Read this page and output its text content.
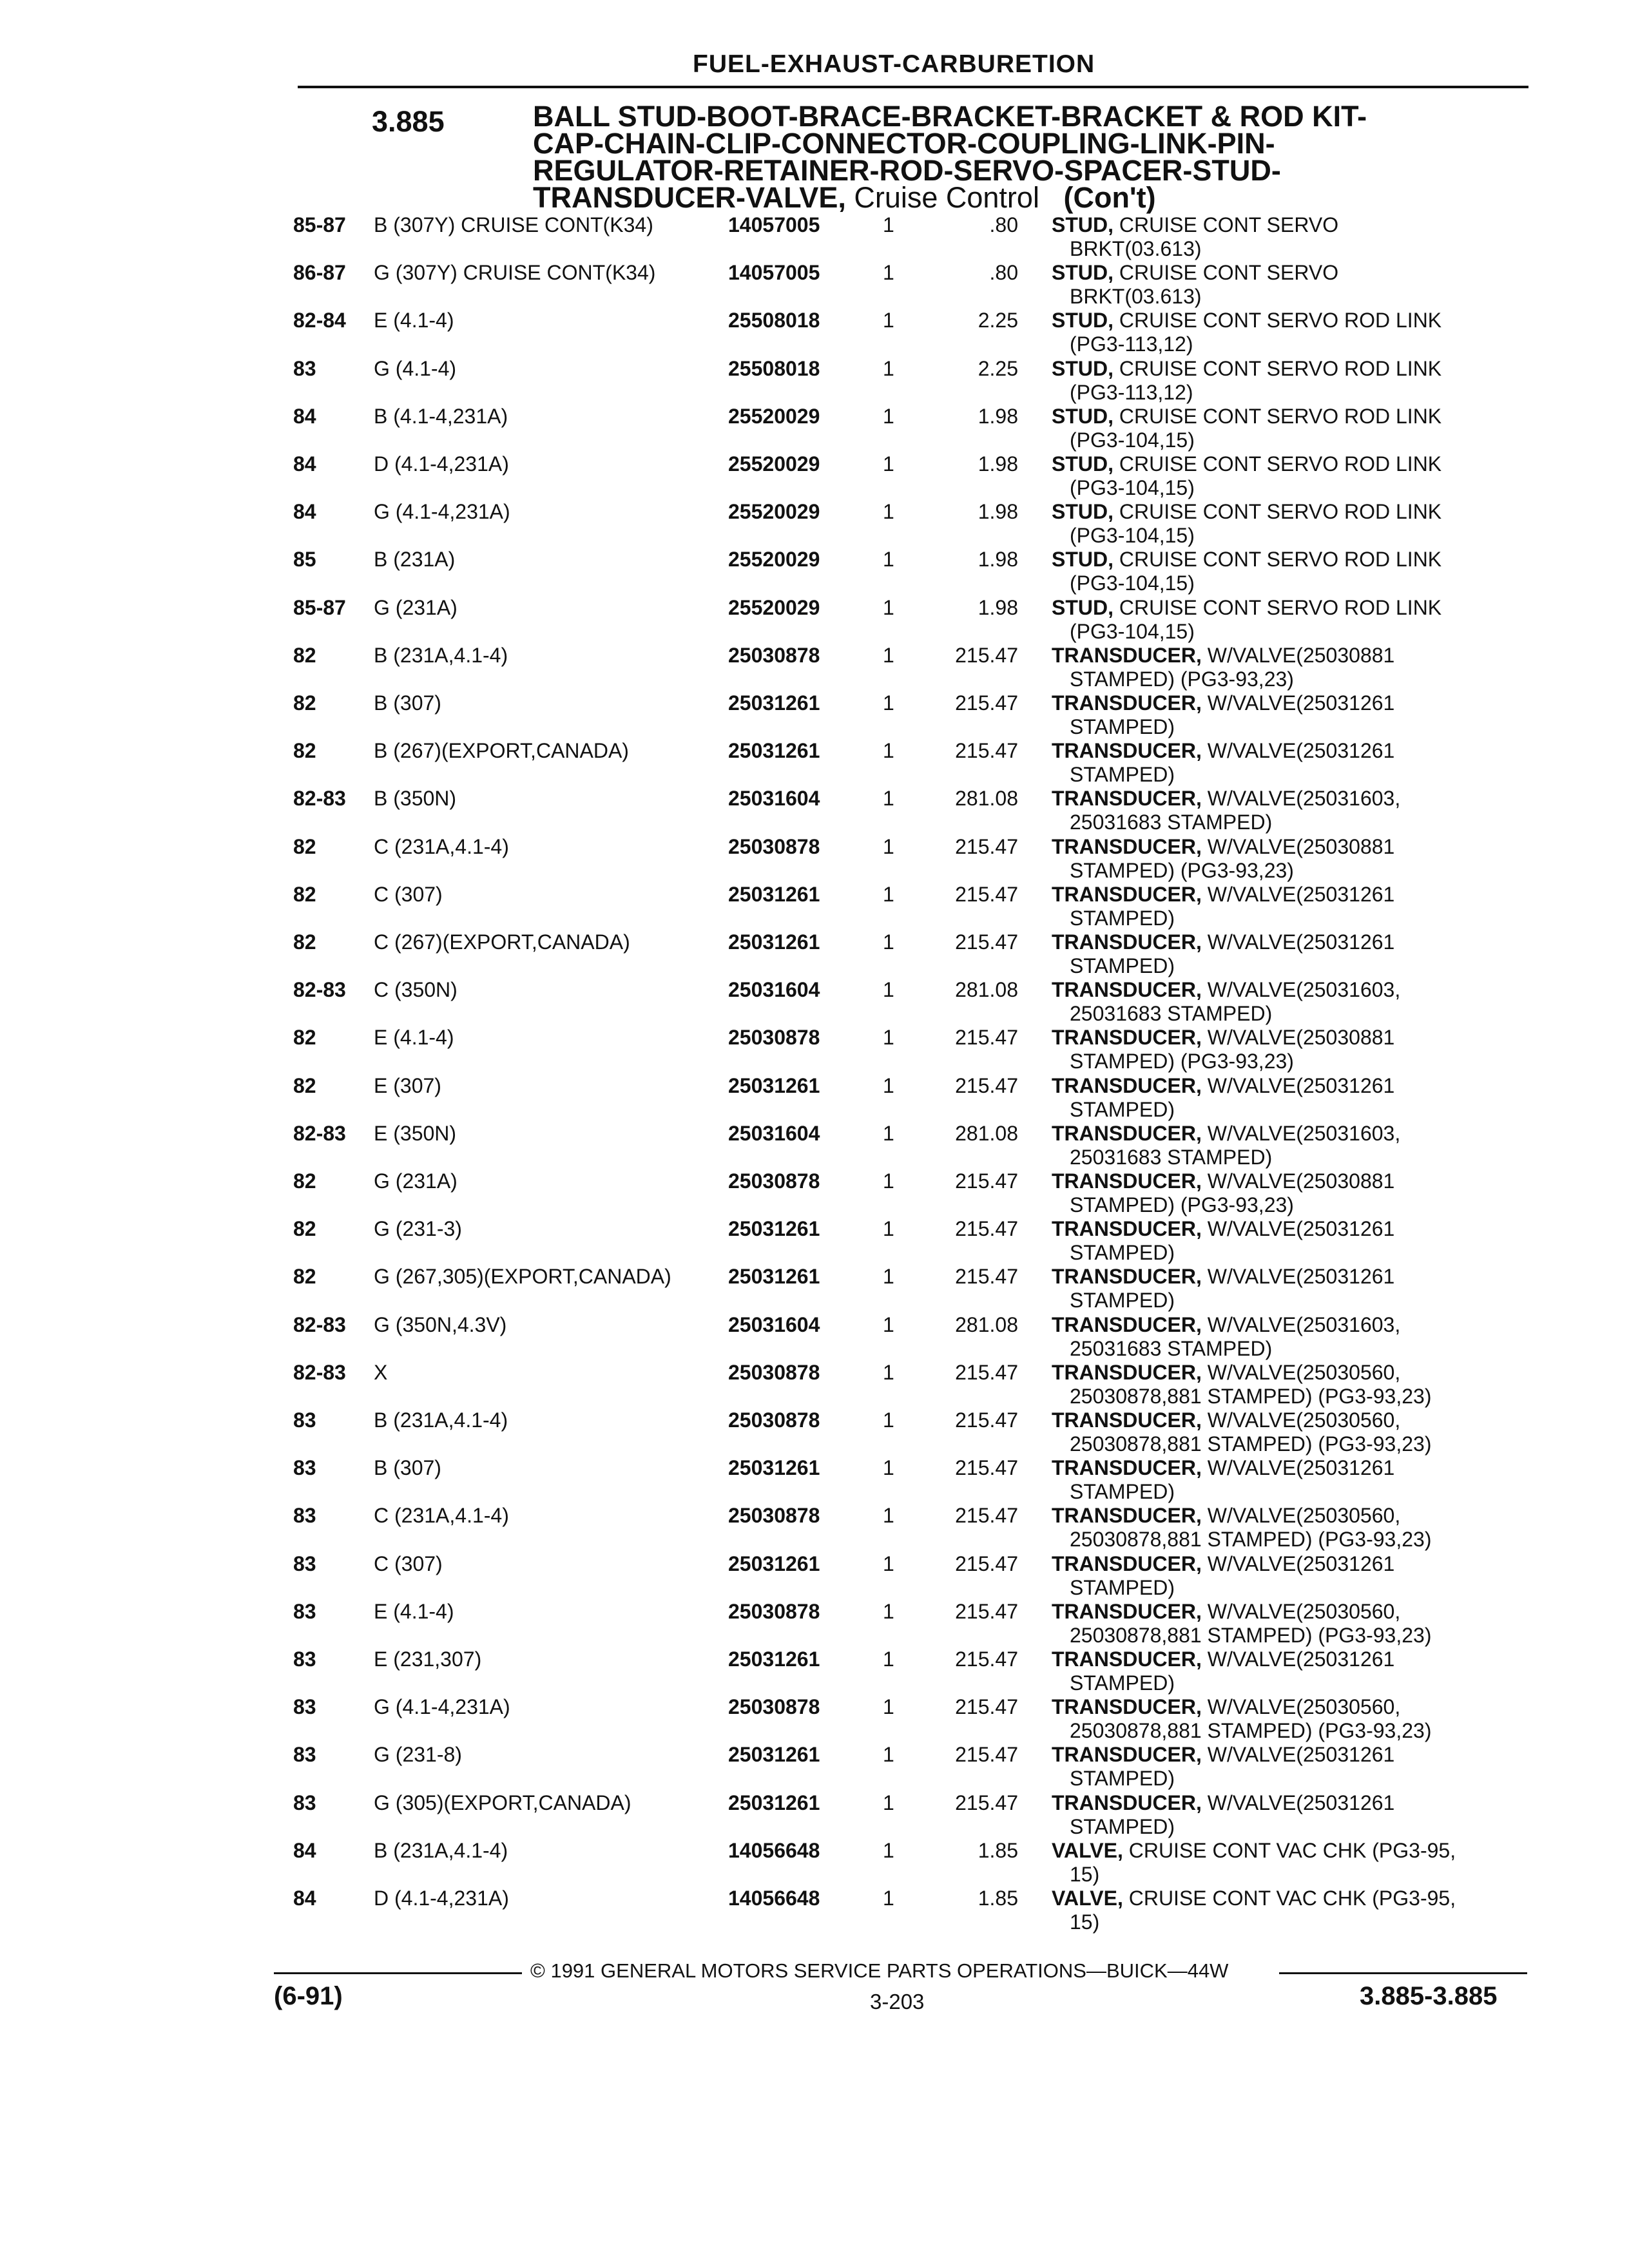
FUEL-EXHAUST-CARBURETION
3.885	BALL STUD-BOOT-BRACE-BRACKET-BRACKET & ROD KIT-
CAP-CHAIN-CLIP-CONNECTOR-COUPLING-LINK-PIN-
REGULATOR-RETAINER-ROD-SERVO-SPACER-STUD-
TRANSDUCER-VALVE, Cruise Control (Con't)
85-87 B (307Y) CRUISE CONT(K34)	14057005	1	.80 STUD, CRUISE CONT SERVO
BRKT(03.613)
86-87 G (307Y) CRUISE CONT(K34)	14057005	1	.80 STUD, CRUISE CONT SERVO
BRKT(03.613)
82-84 E (4.1-4)	25508018	1	2.25 STUD, CRUISE CONT SERVO ROD LINK
(PG3-113,12)
83	G (4.1-4)	25508018	1	2.25 STUD, CRUISE CONT SERVO ROD LINK
(PG3-113,12)
84	B (4.1-4,231A)	25520029	1	1.98 STUD, CRUISE CONT SERVO ROD LINK
(PG3-104,15)
84	D (4.1-4,231A)	25520029	1	1.98 STUD, CRUISE CONT SERVO ROD LINK
(PG3-104,15)
84	G (4.1-4,231A)	25520029	1	1.98 STUD, CRUISE CONT SERVO ROD LINK
(PG3-104,15)
85	B (231A)	25520029	1	1.98 STUD, CRUISE CONT SERVO ROD LINK
(PG3-104,15)
85-87 G (231A)	25520029	1	1.98 STUD, CRUISE CONT SERVO ROD LINK
(PG3-104,15)
82	B (231A,4.1-4)	25030878	1	215.47 TRANSDUCER, W/VALVE(25030881
STAMPED) (PG3-93,23)
82	B (307)	25031261	1	215.47 TRANSDUCER, W/VALVE(25031261
STAMPED)
82	B (267)(EXPORT,CANADA)	25031261	1	215.47 TRANSDUCER, W/VALVE(25031261
STAMPED)
82-83 B (350N)	25031604	1	281.08 TRANSDUCER, W/VALVE(25031603,
25031683 STAMPED)
82	C (231A,4.1-4)	25030878	1	215.47 TRANSDUCER, W/VALVE(25030881
STAMPED) (PG3-93,23)
82	C (307)	25031261	1	215.47 TRANSDUCER, W/VALVE(25031261
STAMPED)
82	C (267)(EXPORT,CANADA)	25031261	1	215.47 TRANSDUCER, W/VALVE(25031261
STAMPED)
82-83 C (350N)	25031604	1	281.08 TRANSDUCER, W/VALVE(25031603,
25031683 STAMPED)
82	E (4.1-4)	25030878	1	215.47 TRANSDUCER, W/VALVE(25030881
STAMPED) (PG3-93,23)
82	E (307)	25031261	1	215.47 TRANSDUCER, W/VALVE(25031261
STAMPED)
82-83 E (350N)	25031604	1	281.08 TRANSDUCER, W/VALVE(25031603,
25031683 STAMPED)
82	G (231A)	25030878	1	215.47 TRANSDUCER, W/VALVE(25030881
STAMPED) (PG3-93,23)
82	G (231-3)	25031261	1	215.47 TRANSDUCER, W/VALVE(25031261
STAMPED)
82	G (267,305)(EXPORT,CANADA)	25031261	1	215.47 TRANSDUCER, W/VALVE(25031261
STAMPED)
82-83 G (350N,4.3V)	25031604	1	281.08 TRANSDUCER, W/VALVE(25031603,
25031683 STAMPED)
82-83 X	25030878	1	215.47 TRANSDUCER, W/VALVE(25030560,
25030878,881 STAMPED) (PG3-93,23)
83	B (231A,4.1-4)	25030878	1	215.47 TRANSDUCER, W/VALVE(25030560,
25030878,881 STAMPED) (PG3-93,23)
83	B (307)	25031261	1	215.47 TRANSDUCER, W/VALVE(25031261
STAMPED)
83	C (231A,4.1-4)	25030878	1	215.47 TRANSDUCER, W/VALVE(25030560,
25030878,881 STAMPED) (PG3-93,23)
83	C (307)	25031261	1	215.47 TRANSDUCER, W/VALVE(25031261
STAMPED)
83	E (4.1-4)	25030878	1	215.47 TRANSDUCER, W/VALVE(25030560,
25030878,881 STAMPED) (PG3-93,23)
83	E (231,307)	25031261	1	215.47 TRANSDUCER, W/VALVE(25031261
STAMPED)
83	G (4.1-4,231A)	25030878	1	215.47 TRANSDUCER, W/VALVE(25030560,
25030878,881 STAMPED) (PG3-93,23)
83	G (231-8)	25031261	1	215.47 TRANSDUCER, W/VALVE(25031261
STAMPED)
83	G (305)(EXPORT,CANADA)	25031261	1	215.47 TRANSDUCER, W/VALVE(25031261
STAMPED)
84	B (231A,4.1-4)	14056648	1	1.85 VALVE, CRUISE CONT VAC CHK (PG3-95,
15)
84	D (4.1-4,231A)	14056648	1	1.85 VALVE, CRUISE CONT VAC CHK (PG3-95,
15)
© 1991 GENERAL MOTORS SERVICE PARTS OPERATIONS—BUICK—44W
(6-91)	3-203	3.885-3.885
